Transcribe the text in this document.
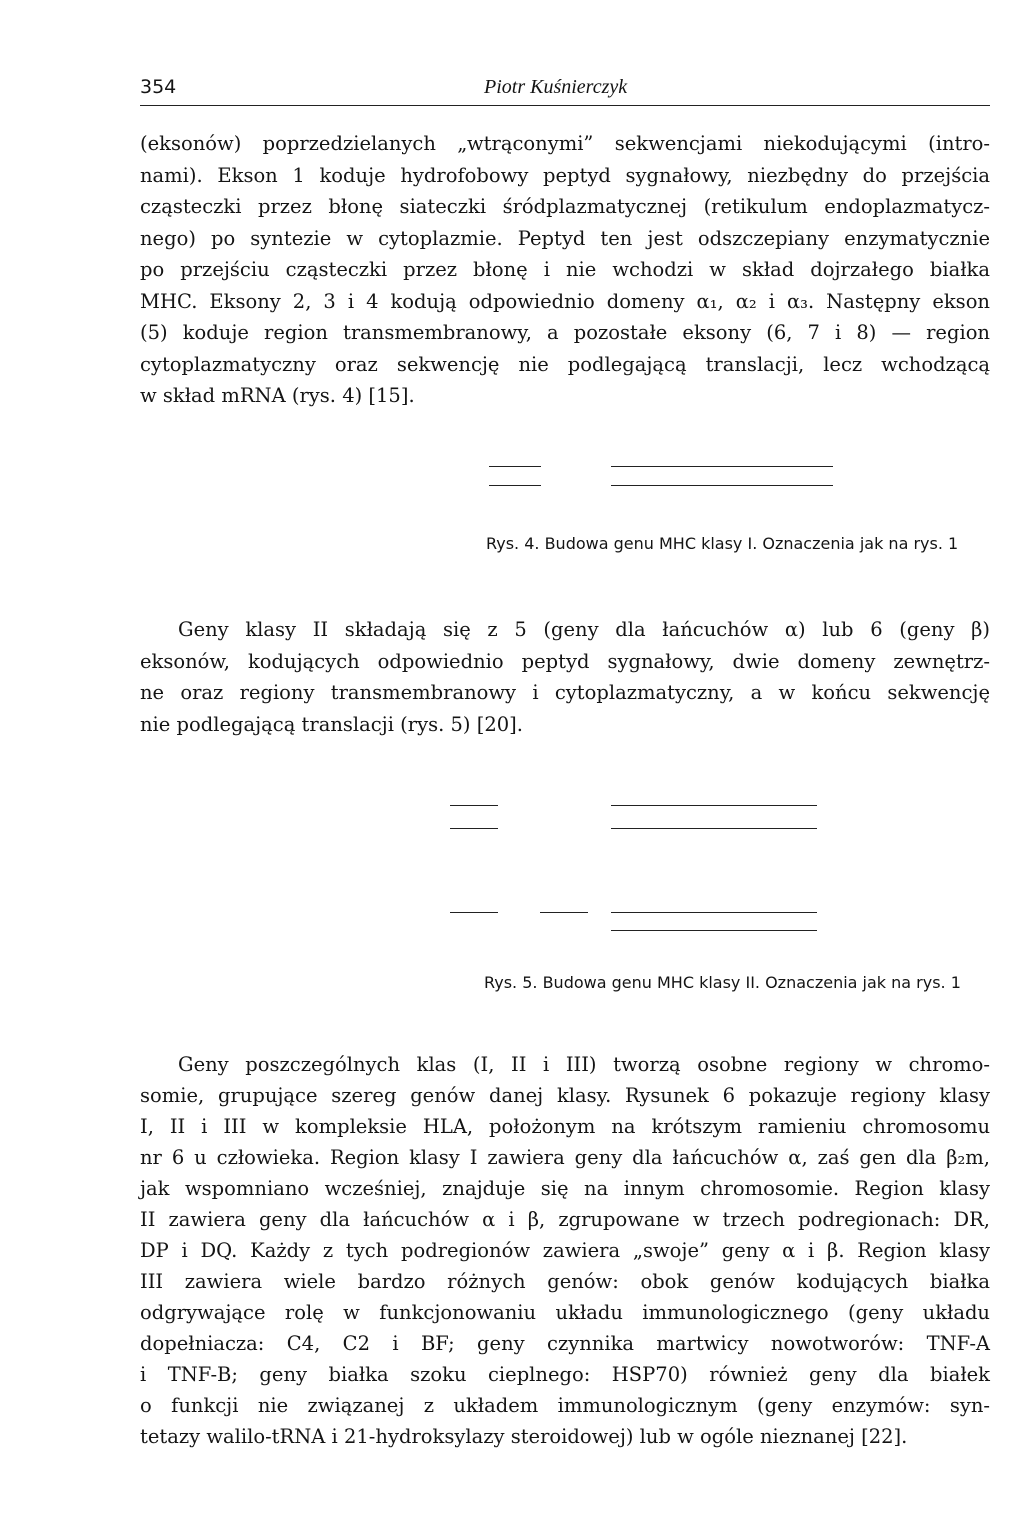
354	Piotr Kuśnierczyk
(eksonów) poprzedzielanych „wtrąconymi” sekwencjami niekodującymi (intro-
nami). Ekson 1 koduje hydrofobowy peptyd sygnałowy, niezbędny do przejścia
cząsteczki przez błonę siateczki śródplazmatycznej (retikulum endoplazmatycz-
nego) po syntezie w cytoplazmie. Peptyd ten jest odszczepiany enzymatycznie
po przejściu cząsteczki przez błonę i nie wchodzi w skład dojrzałego białka
MHC. Eksony 2, 3 i 4 kodują odpowiednio domeny α₁, α₂ i α₃. Następny ekson
(5) koduje region transmembranowy, a pozostałe eksony (6, 7 i 8) — region
cytoplazmatyczny oraz sekwencję nie podlegającą translacji, lecz wchodzącą
w skład mRNA (rys. 4) [15].
Rys. 4. Budowa genu MHC klasy I. Oznaczenia jak na rys. 1
Geny klasy II składają się z 5 (geny dla łańcuchów α) lub 6 (geny β)
eksonów, kodujących odpowiednio peptyd sygnałowy, dwie domeny zewnętrz-
ne oraz regiony transmembranowy i cytoplazmatyczny, a w końcu sekwencję
nie podlegającą translacji (rys. 5) [20].
Rys. 5. Budowa genu MHC klasy II. Oznaczenia jak na rys. 1
Geny poszczególnych klas (I, II i III) tworzą osobne regiony w chromo-
somie, grupujące szereg genów danej klasy. Rysunek 6 pokazuje regiony klasy
I, II i III w kompleksie HLA, położonym na krótszym ramieniu chromosomu
nr 6 u człowieka. Region klasy I zawiera geny dla łańcuchów α, zaś gen dla β₂m,
jak wspomniano wcześniej, znajduje się na innym chromosomie. Region klasy
II zawiera geny dla łańcuchów α i β, zgrupowane w trzech podregionach: DR,
DP i DQ. Każdy z tych podregionów zawiera „swoje” geny α i β. Region klasy
III zawiera wiele bardzo różnych genów: obok genów kodujących białka
odgrywające rolę w funkcjonowaniu układu immunologicznego (geny układu
dopełniacza: C4, C2 i BF; geny czynnika martwicy nowotworów: TNF-A
i TNF-B; geny białka szoku cieplnego: HSP70) również geny dla białek
o funkcji nie związanej z układem immunologicznym (geny enzymów: syn-
tetazy walilo-tRNA i 21-hydroksylazy steroidowej) lub w ogóle nieznanej [22].
